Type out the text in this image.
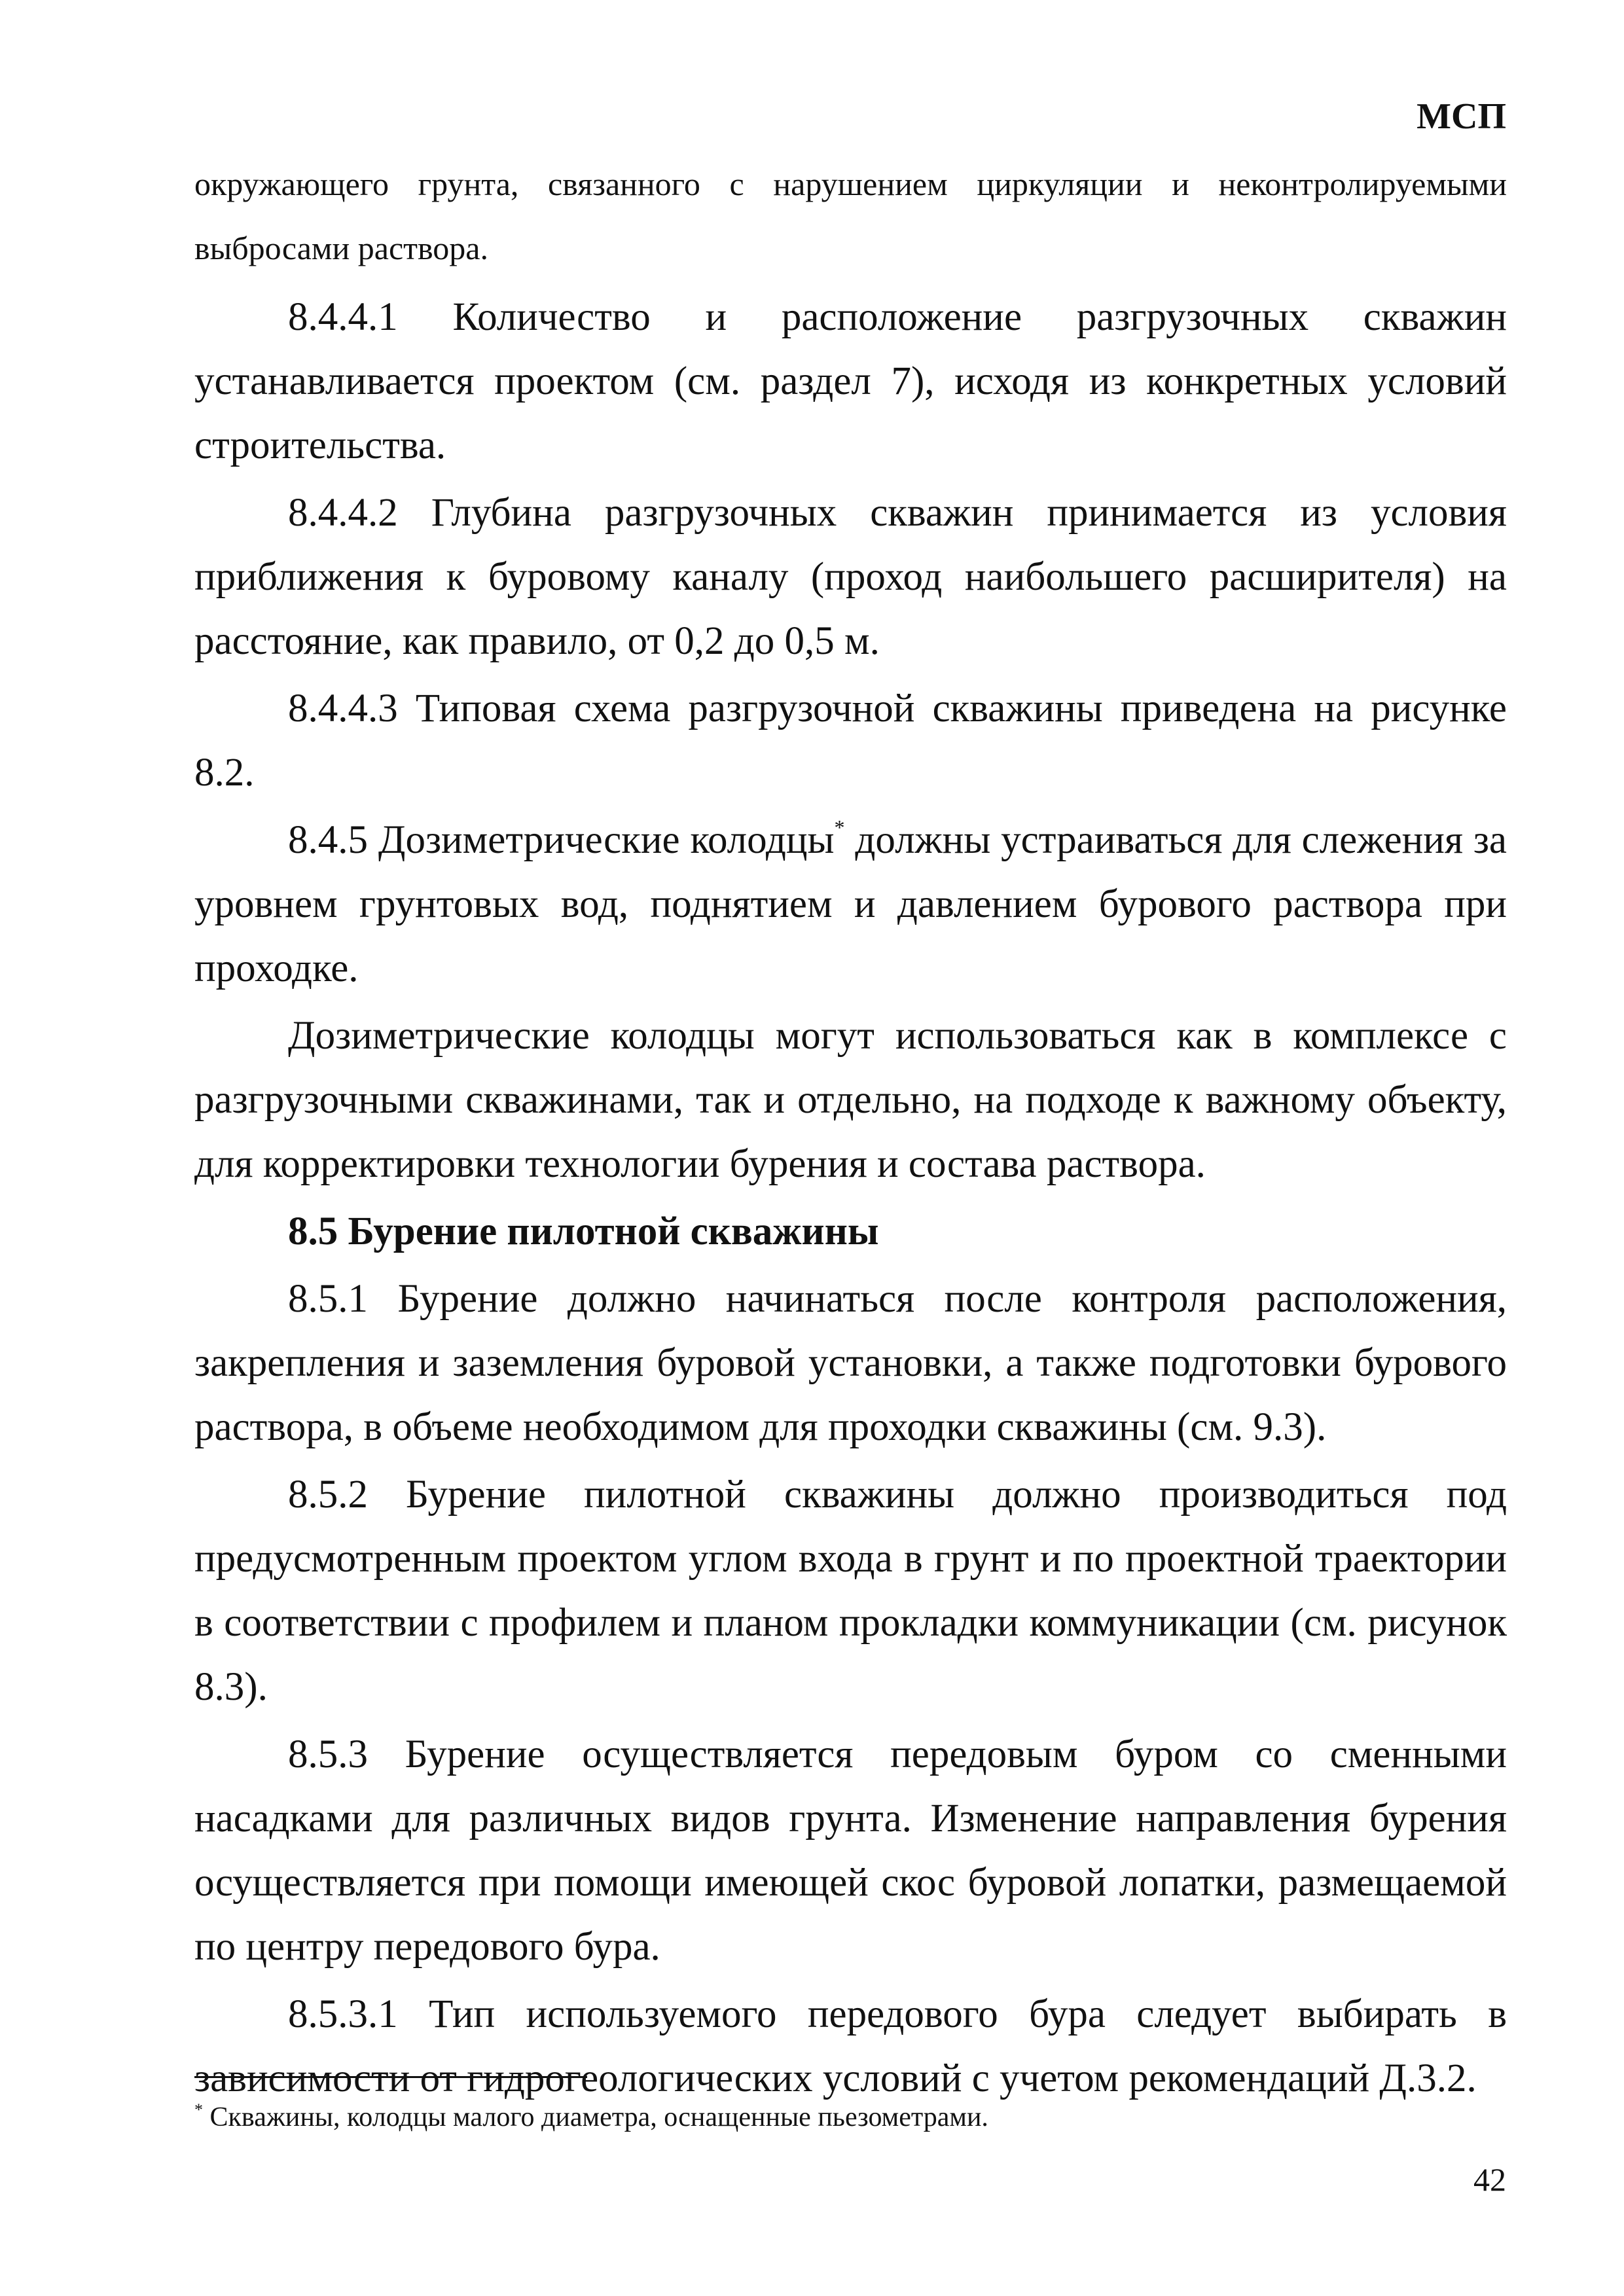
МСП

окружающего грунта, связанного с нарушением циркуляции и неконтролируемыми выбросами раствора.

8.4.4.1 Количество и расположение разгрузочных скважин устанавливается проектом (см. раздел 7), исходя из конкретных условий строительства.

8.4.4.2 Глубина разгрузочных скважин принимается из условия приближения к буровому каналу (проход наибольшего расширителя) на расстояние, как правило, от 0,2 до 0,5 м.

8.4.4.3 Типовая схема разгрузочной скважины приведена на рисунке 8.2.

8.4.5 Дозиметрические колодцы* должны устраиваться для слежения за уровнем грунтовых вод, поднятием и давлением бурового раствора при проходке.

Дозиметрические колодцы могут использоваться как в комплексе с разгрузочными скважинами, так и отдельно, на подходе к важному объекту, для корректировки технологии бурения и состава раствора.

8.5 Бурение пилотной скважины

8.5.1 Бурение должно начинаться после контроля расположения, закрепления и заземления буровой установки, а также подготовки бурового раствора, в объеме необходимом для проходки скважины (см. 9.3).

8.5.2 Бурение пилотной скважины должно производиться под предусмотренным проектом углом входа в грунт и по проектной траектории в соответствии с профилем и планом прокладки коммуникации (см. рисунок 8.3).

8.5.3 Бурение осуществляется передовым буром со сменными насадками для различных видов грунта. Изменение направления бурения осуществляется при помощи имеющей скос буровой лопатки, размещаемой по центру передового бура.

8.5.3.1 Тип используемого передового бура следует выбирать в зависимости от гидрогеологических условий с учетом рекомендаций Д.3.2.

* Скважины, колодцы малого диаметра, оснащенные пьезометрами.
42
